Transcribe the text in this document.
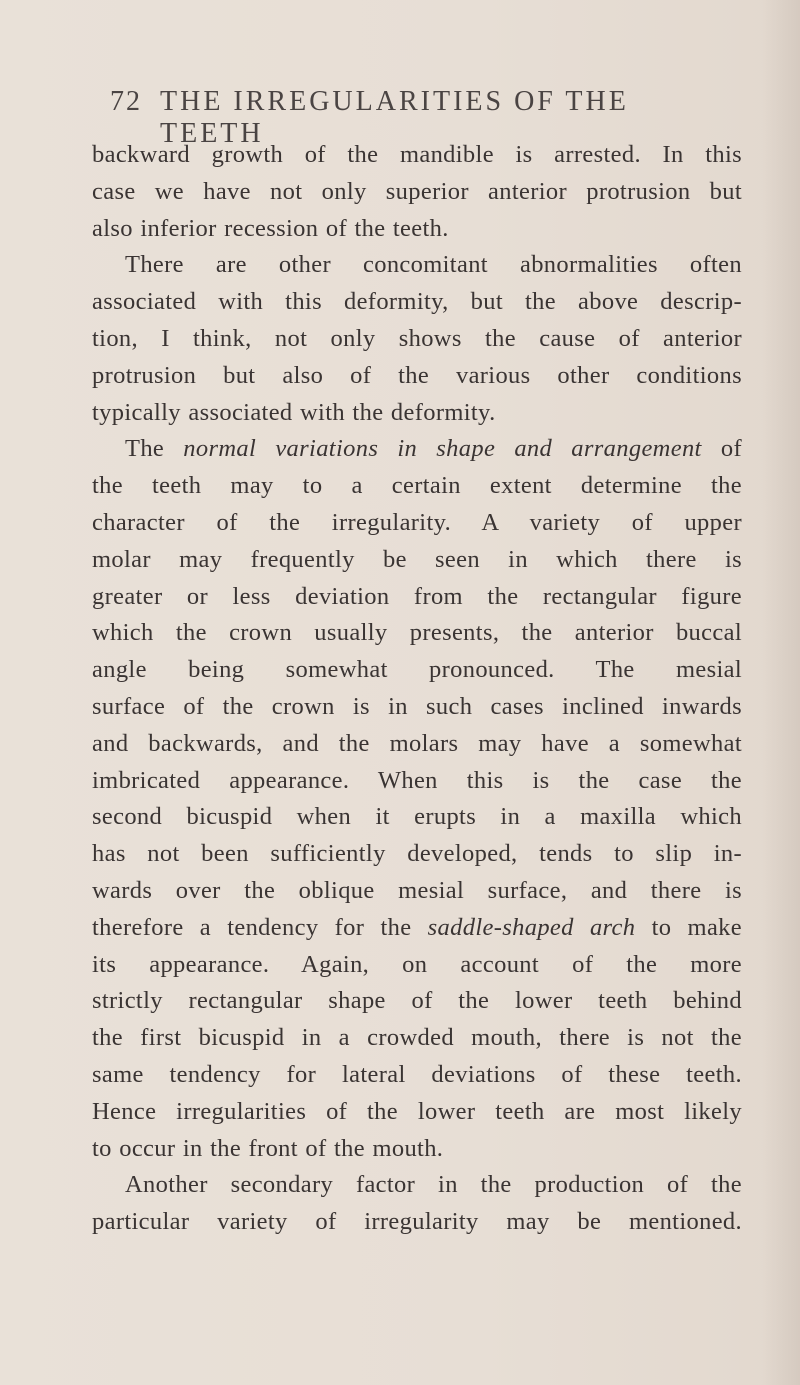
72 THE IRREGULARITIES OF THE TEETH
backward growth of the mandible is arrested. In this
case we have not only superior anterior protrusion but
also inferior recession of the teeth.
There are other concomitant abnormalities often
associated with this deformity, but the above descrip-
tion, I think, not only shows the cause of anterior
protrusion but also of the various other conditions
typically associated with the deformity.
The normal variations in shape and arrangement of
the teeth may to a certain extent determine the
character of the irregularity. A variety of upper
molar may frequently be seen in which there is
greater or less deviation from the rectangular figure
which the crown usually presents, the anterior buccal
angle being somewhat pronounced. The mesial
surface of the crown is in such cases inclined inwards
and backwards, and the molars may have a somewhat
imbricated appearance. When this is the case the
second bicuspid when it erupts in a maxilla which
has not been sufficiently developed, tends to slip in-
wards over the oblique mesial surface, and there is
therefore a tendency for the saddle-shaped arch to make
its appearance. Again, on account of the more
strictly rectangular shape of the lower teeth behind
the first bicuspid in a crowded mouth, there is not the
same tendency for lateral deviations of these teeth.
Hence irregularities of the lower teeth are most likely
to occur in the front of the mouth.
Another secondary factor in the production of the
particular variety of irregularity may be mentioned.
